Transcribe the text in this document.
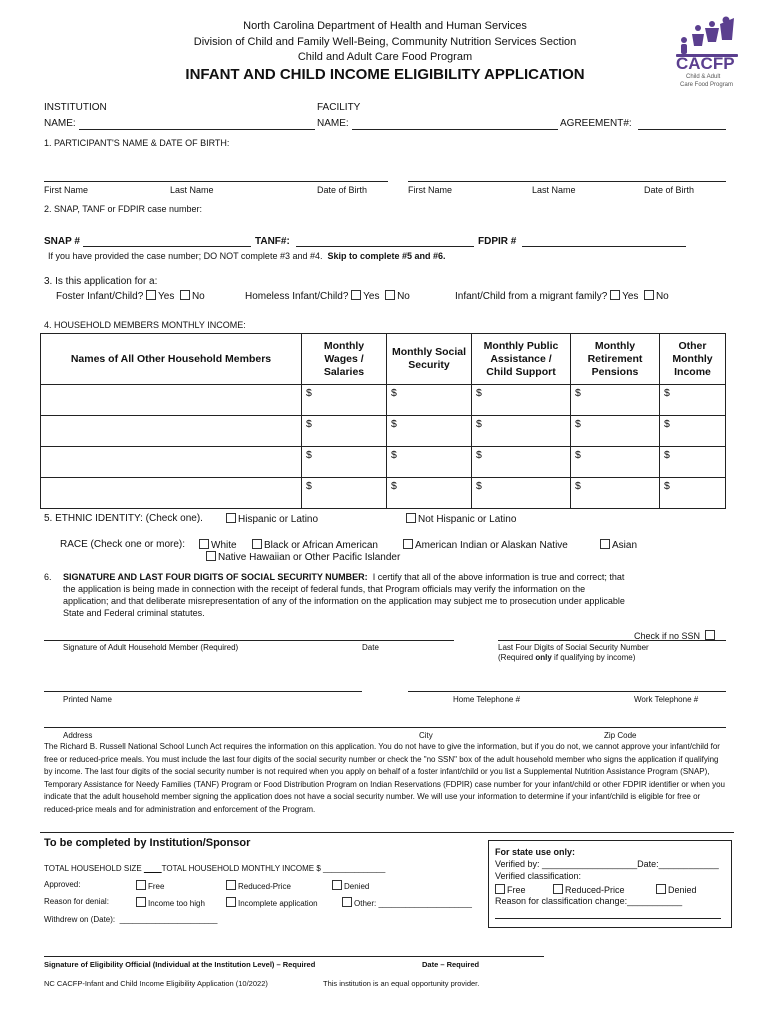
North Carolina Department of Health and Human Services
Division of Child and Family Well-Being, Community Nutrition Services Section
Child and Adult Care Food Program
INFANT AND CHILD INCOME ELIGIBILITY APPLICATION
CACFP
Child & Adult
Care Food Program
INSTITUTION
NAME:
FACILITY
NAME:	AGREEMENT#:
1. PARTICIPANT'S NAME & DATE OF BIRTH:
First Name	Last Name	Date of Birth	First Name	Last Name	Date of Birth
2. SNAP, TANF or FDPIR case number:
SNAP #	TANF#:	FDPIR #
If you have provided the case number; DO NOT complete #3 and #4. Skip to complete #5 and #6.
3. Is this application for a:
Foster Infant/Child? Yes No	Homeless Infant/Child? Yes No	Infant/Child from a migrant family? Yes No
4. HOUSEHOLD MEMBERS MONTHLY INCOME:
Names of All Other Household Members	Monthly Wages / Salaries	Monthly Social Security	Monthly Public Assistance / Child Support	Monthly Retirement Pensions	Other Monthly Income
	$	$	$	$	$
	$	$	$	$	$
	$	$	$	$	$
	$	$	$	$	$
5. ETHNIC IDENTITY: (Check one).	Hispanic or Latino	Not Hispanic or Latino
RACE (Check one or more):	White	Black or African American	American Indian or Alaskan Native	Asian
Native Hawaiian or Other Pacific Islander
6. SIGNATURE AND LAST FOUR DIGITS OF SOCIAL SECURITY NUMBER: I certify that all of the above information is true and correct; that
the application is being made in connection with the receipt of federal funds, that Program officials may verify the information on the
application; and that deliberate misrepresentation of any of the information on the application may subject me to prosecution under applicable
State and Federal criminal statutes.
Check if no SSN
Signature of Adult Household Member (Required)	Date	Last Four Digits of Social Security Number
(Required only if qualifying by income)
Printed Name	Home Telephone #	Work Telephone #
Address	City	Zip Code
The Richard B. Russell National School Lunch Act requires the information on this application. You do not have to give the information, but if you do not, we cannot approve your infant/child for free or reduced-price meals. You must include the last four digits of the social security number or check the "no SSN" box of the adult household member who signs the application if qualifying by income. The last four digits of the social security number is not required when you apply on behalf of a foster infant/child or you list a Supplemental Nutrition Assistance Program (SNAP), Temporary Assistance for Needy Families (TANF) Program or Food Distribution Program on Indian Reservations (FDPIR) case number for your infant/child or other FDPIR identifier or when you indicate that the adult household member signing the application does not have a social security number. We will use your information to determine if your infant/child is eligible for free or reduced-price meals and for administration and enforcement of the Program.
To be completed by Institution/Sponsor
TOTAL HOUSEHOLD SIZE	TOTAL HOUSEHOLD MONTHLY INCOME $ ______________
Approved:	Free	Reduced-Price	Denied
Reason for denial:	Income too high	Incomplete application	Other: _____________________
Withdrew on (Date):  ______________________
For state use only:
Verified by: ___________________Date:____________
Verified classification:
Free	Reduced-Price	Denied
Reason for classification change:___________
Signature of Eligibility Official (Individual at the Institution Level) – Required	Date – Required
NC CACFP-Infant and Child Income Eligibility Application (10/2022)	This institution is an equal opportunity provider.
